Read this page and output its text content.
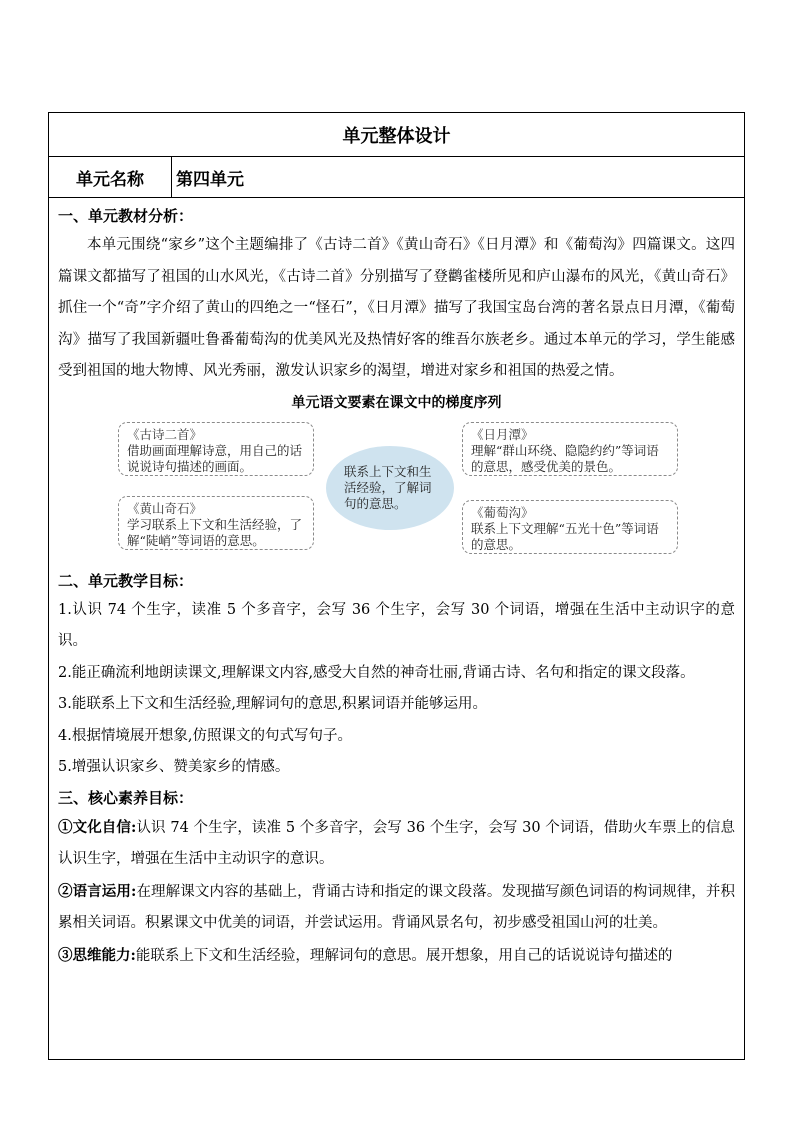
单元整体设计
单元名称	第四单元
一、单元教材分析：

本单元围绕“家乡”这个主题编排了《古诗二首》《黄山奇石》《日月潭》和《葡萄沟》四篇课文。这四篇课文都描写了祖国的山水风光，《古诗二首》分别描写了登鹳雀楼所见和庐山瀑布的风光，《黄山奇石》抓住一个“奇”字介绍了黄山的四绝之一“怪石”，《日月潭》描写了我国宝岛台湾的著名景点日月潭，《葡萄沟》描写了我国新疆吐鲁番葡萄沟的优美风光及热情好客的维吾尔族老乡。通过本单元的学习，学生能感受到祖国的地大物博、风光秀丽，激发认识家乡的渴望，增进对家乡和祖国的热爱之情。

单元语文要素在课文中的梯度序列
《古诗二首》
借助画面理解诗意，用自己的话说说诗句描述的画面。
《黄山奇石》
学习联系上下文和生活经验，了解“陡峭”等词语的意思。
联系上下文和生活经验，了解词句的意思。
《日月潭》
理解“群山环绕、隐隐约约”等词语的意思，感受优美的景色。
《葡萄沟》
联系上下文理解“五光十色”等词语的意思。
二、单元教学目标：

1.认识 74 个生字，读准 5 个多音字，会写 36 个生字，会写 30 个词语，增强在生活中主动识字的意识。

2.能正确流利地朗读课文,理解课文内容,感受大自然的神奇壮丽,背诵古诗、名句和指定的课文段落。

3.能联系上下文和生活经验,理解词句的意思,积累词语并能够运用。

4.根据情境展开想象,仿照课文的句式写句子。

5.增强认识家乡、赞美家乡的情感。

三、核心素养目标：

①文化自信:认识 74 个生字，读准 5 个多音字，会写 36 个生字，会写 30 个词语，借助火车票上的信息认识生字，增强在生活中主动识字的意识。

②语言运用:在理解课文内容的基础上，背诵古诗和指定的课文段落。发现描写颜色词语的构词规律，并积累相关词语。积累课文中优美的词语，并尝试运用。背诵风景名句，初步感受祖国山河的壮美。

③思维能力:能联系上下文和生活经验，理解词句的意思。展开想象，用自己的话说说诗句描述的
